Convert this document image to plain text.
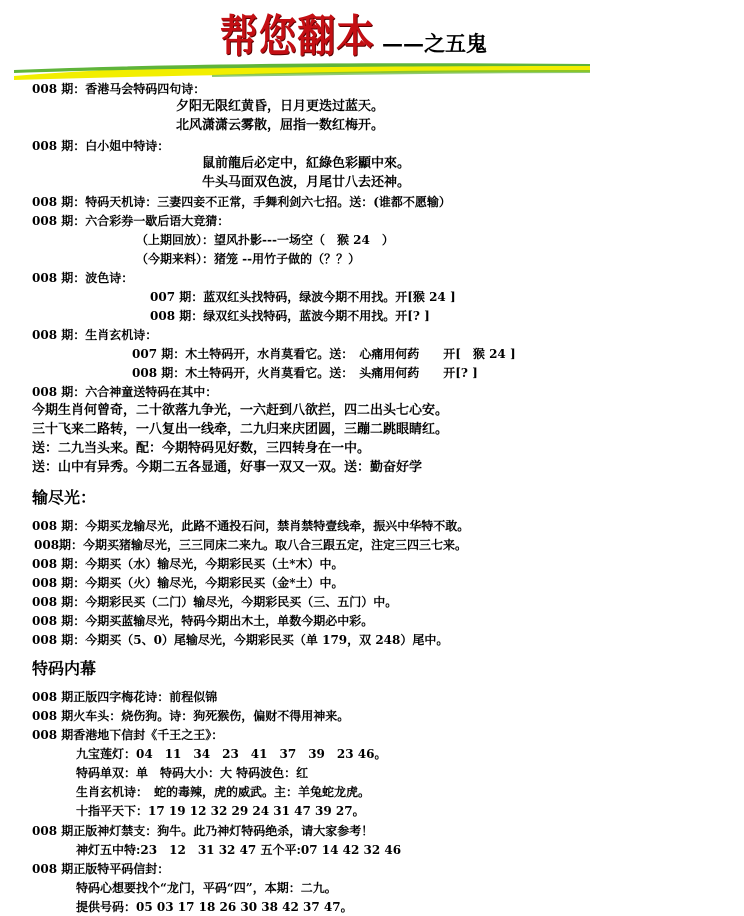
帮您翻本 ——之五鬼
008 期：香港马会特码四句诗：
夕阳无限红黄昏，日月更迭过蓝天。
北风潇潇云雾散，屈指一数红梅开。
008 期：白小姐中特诗：
鼠前龍后必定中，紅綠色彩顯中來。
牛头马面双色波，月尾廿八去还神。
008 期：特码天机诗：三妻四妾不正常，手舞利剑六七招。送：(谁都不愿输）
008 期：六合彩券一歇后语大竞猜：
（上期回放）：望风扑影---一场空（　猴 24　）
（今期来料）：猪笼 --用竹子做的（？？）
008 期：波色诗：
007 期：蓝双红头找特码，绿波今期不用找。开[猴 24 ]
008 期：绿双红头找特码，蓝波今期不用找。开[? ]
008 期：生肖玄机诗：
007 期：木土特码开，水肖莫看它。送：　心痛用何药　　开[　猴 24 ]
008 期：木土特码开，火肖莫看它。送：　头痛用何药　　开[? ]
008 期：六合神童送特码在其中：
今期生肖何曾奇，二十欲落九争光，一六赶到八欲拦，四二出头七心安。
三十飞来二路转，一八复出一线牵，二九归来庆团圆，三蹦二跳眼睛红。
送：二九当头来。配：今期特码见好数，三四转身在一中。
送：山中有异秀。今期二五各显通，好事一双又一双。送：勤奋好学
输尽光：
008 期：今期买龙输尽光，此路不通投石问，禁肖禁特壹线牵，振兴中华特不敢。
008期：今期买猪输尽光，三三同床二来九。取八合三跟五定，注定三四三七来。
008 期：今期买（水）输尽光，今期彩民买（土*木）中。
008 期：今期买（火）输尽光，今期彩民买（金*土）中。
008 期：今期彩民买（二门）输尽光，今期彩民买（三、五门）中。
008 期：今期买蓝输尽光，特码今期出木土，单数今期必中彩。
008 期：今期买（5、0）尾输尽光，今期彩民买（单 179，双 248）尾中。
特码内幕
008 期正版四字梅花诗：前程似锦
008 期火车头：烧伤狗。诗：狗死猴伤，偏财不得用神来。
008 期香港地下信封《千王之王》：
九宝莲灯：04　11　34　23　41　37　39　23 46。
特码单双：单　特码大小：大 特码波色：红
生肖玄机诗：　蛇的毒辣，虎的威武。主：羊兔蛇龙虎。
十指平天下：17 19 12 32 29 24 31 47 39 27。
008 期正版神灯禁支：狗牛。此乃神灯特码绝杀，请大家参考！
神灯五中特:23　12　31 32 47 五个平:07 14 42 32 46
008 期正版特平码信封：
特码心想要找个“龙门，平码“四”，本期：二九。
提供号码：05 03 17 18 26 30 38 42 37 47。
